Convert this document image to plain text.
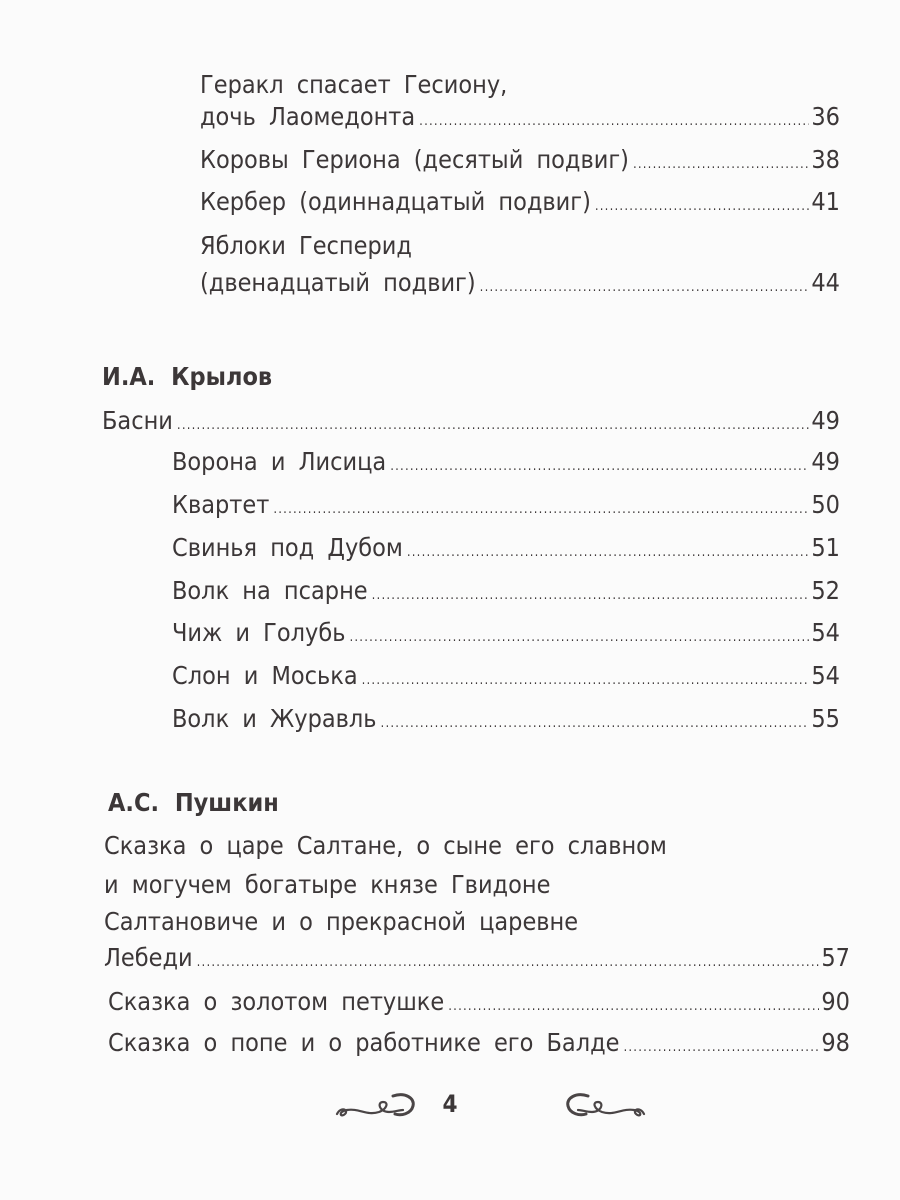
Геракл спасает Гесиону,
дочь Лаомедонта .....	36
Коровы Гериона (десятый подвиг) .....	38
Кербер (одиннадцатый подвиг) .....	41
Яблоки Гесперид
(двенадцатый подвиг) .....	44
И.А. Крылов
Басни .....	49
Ворона и Лисица .....	49
Квартет .....	50
Свинья под Дубом .....	51
Волк на псарне .....	52
Чиж и Голубь .....	54
Слон и Моська .....	54
Волк и Журавль .....	55
А.С. Пушкин
Сказка о царе Салтане, о сыне его славном
и могучем богатыре князе Гвидоне
Салтановиче и о прекрасной царевне
Лебеди .....	57
Сказка о золотом петушке .....	90
Сказка о попе и о работнике его Балде .....	98
4
